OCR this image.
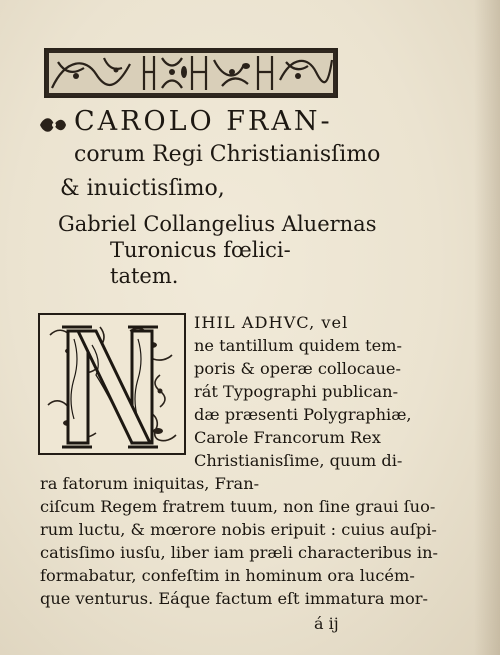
CAROLO FRAN-
corum Regi Christianisſimo
& inuictisſimo,
Gabriel Collangelius Aluernas
Turonicus fœlici-
tatem.
IHIL ADHVC, vel
ne tantillum quidem tem-
poris & operæ collocaue-
rát Typographi publican-
dæ præsenti Polygraphiæ,
Carole Francorum Rex
Christianisſime, quum di-
ra fatorum iniquitas, Fran-
ciſcum Regem fratrem tuum, non ſine graui ſuo-
rum luctu, & mœrore nobis eripuit : cuius auſpi-
catisſimo iusſu, liber iam præli characteribus in-
formabatur, confeſtim in hominum ora lucém-
que venturus. Eáque factum eſt immatura mor-
á ij
